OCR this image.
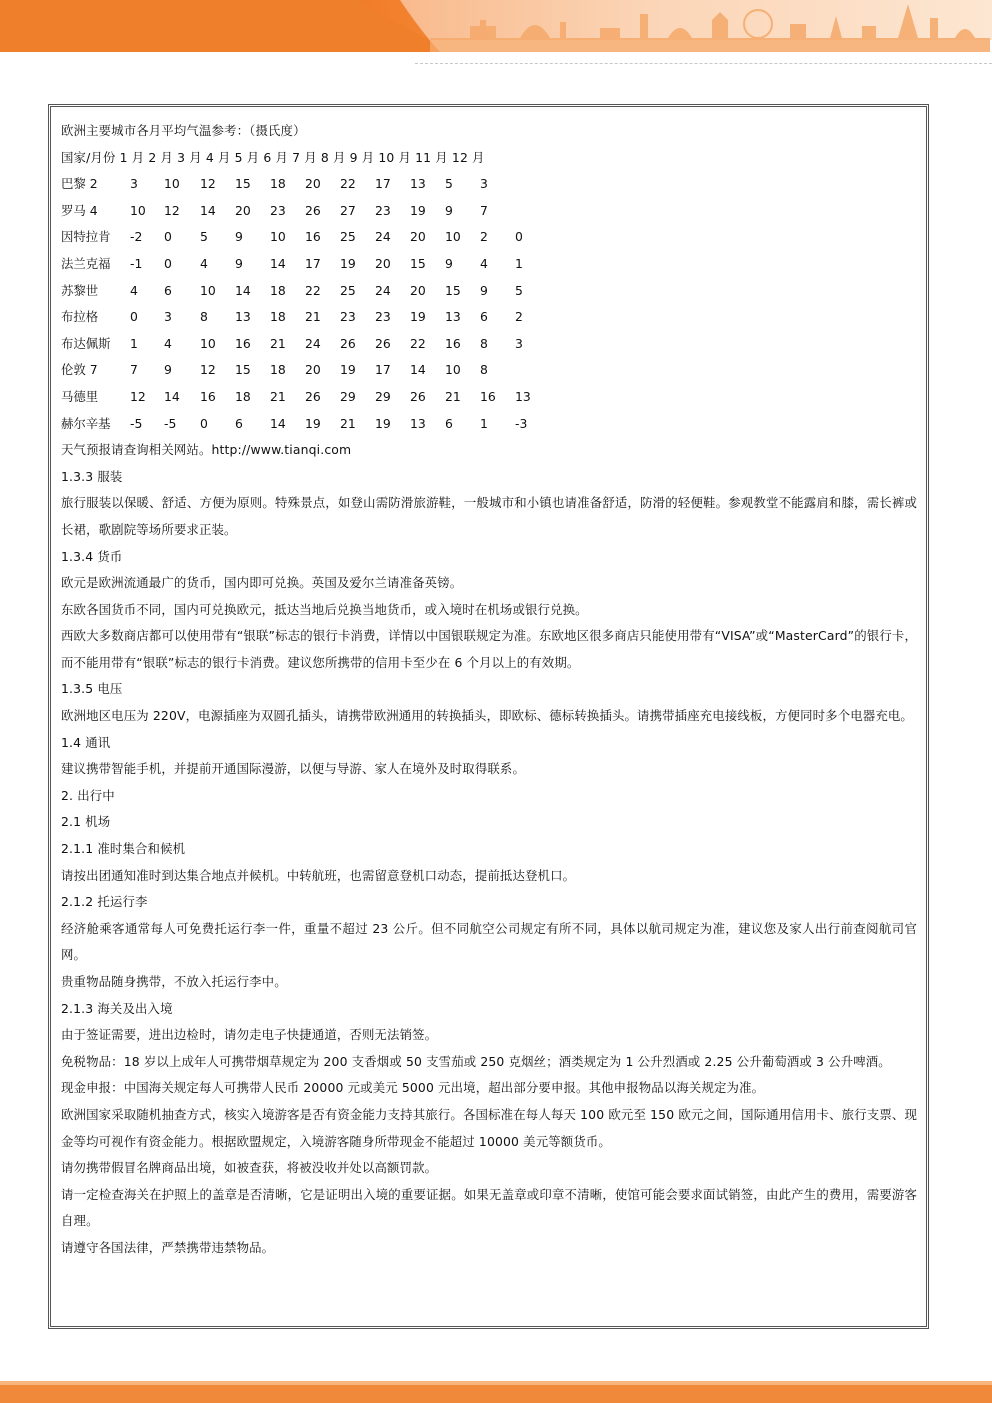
欧洲主要城市各月平均气温参考：（摄氏度）
国家/月份 1 月 2 月 3 月 4 月 5 月 6 月 7 月 8 月 9 月 10 月 11 月 12 月
巴黎 2	3 10 12 15 18 20 22 17 13 5 3
罗马 4	10 12 14 20 23 26 27 23 19 9 7
因特拉肯 -2 0 5 9 10 16 25 24 20 10 2 0
法兰克福 -1 0 4 9 14 17 19 20 15 9 4 1
苏黎世	4 6 10 14 18 22 25 24 20 15 9 5
布拉格	0 3 8 13 18 21 23 23 19 13 6 2
布达佩斯 1 4 10 16 21 24 26 26 22 16 8 3
伦敦 7	7 9 12 15 18 20 19 17 14 10 8
马德里	12 14 16 18 21 26 29 29 26 21 16 13
赫尔辛基 -5 -5 0 6 14 19 21 19 13 6 1 -3
天气预报请查询相关网站。http://www.tianqi.com
1.3.3 服装
旅行服装以保暖、舒适、方便为原则。特殊景点，如登山需防滑旅游鞋，一般城市和小镇也请准备舒适，防滑的轻便鞋。参观教堂不能露肩和膝，需长裤或长裙，歌剧院等场所要求正装。
1.3.4 货币
欧元是欧洲流通最广的货币，国内即可兑换。英国及爱尔兰请准备英镑。
东欧各国货币不同，国内可兑换欧元，抵达当地后兑换当地货币，或入境时在机场或银行兑换。
西欧大多数商店都可以使用带有“银联”标志的银行卡消费，详情以中国银联规定为准。东欧地区很多商店只能使用带有“VISA”或“MasterCard”的银行卡，而不能用带有“银联”标志的银行卡消费。建议您所携带的信用卡至少在 6 个月以上的有效期。
1.3.5 电压
欧洲地区电压为 220V，电源插座为双圆孔插头，请携带欧洲通用的转换插头，即欧标、德标转换插头。请携带插座充电接线板，方便同时多个电器充电。
1.4 通讯
建议携带智能手机，并提前开通国际漫游，以便与导游、家人在境外及时取得联系。
2. 出行中
2.1 机场
2.1.1 准时集合和候机
请按出团通知准时到达集合地点并候机。中转航班，也需留意登机口动态，提前抵达登机口。
2.1.2 托运行李
经济舱乘客通常每人可免费托运行李一件，重量不超过 23 公斤。但不同航空公司规定有所不同，具体以航司规定为准，建议您及家人出行前查阅航司官网。
贵重物品随身携带，不放入托运行李中。
2.1.3 海关及出入境
由于签证需要，进出边检时，请勿走电子快捷通道，否则无法销签。
免税物品：18 岁以上成年人可携带烟草规定为 200 支香烟或 50 支雪茄或 250 克烟丝；酒类规定为 1 公升烈酒或 2.25 公升葡萄酒或 3 公升啤酒。
现金申报：中国海关规定每人可携带人民币 20000 元或美元 5000 元出境，超出部分要申报。其他申报物品以海关规定为准。
欧洲国家采取随机抽查方式，核实入境游客是否有资金能力支持其旅行。各国标准在每人每天 100 欧元至 150 欧元之间，国际通用信用卡、旅行支票、现金等均可视作有资金能力。根据欧盟规定，入境游客随身所带现金不能超过 10000 美元等额货币。
请勿携带假冒名牌商品出境，如被查获，将被没收并处以高额罚款。
请一定检查海关在护照上的盖章是否清晰，它是证明出入境的重要证据。如果无盖章或印章不清晰，使馆可能会要求面试销签，由此产生的费用，需要游客自理。
请遵守各国法律，严禁携带违禁物品。
